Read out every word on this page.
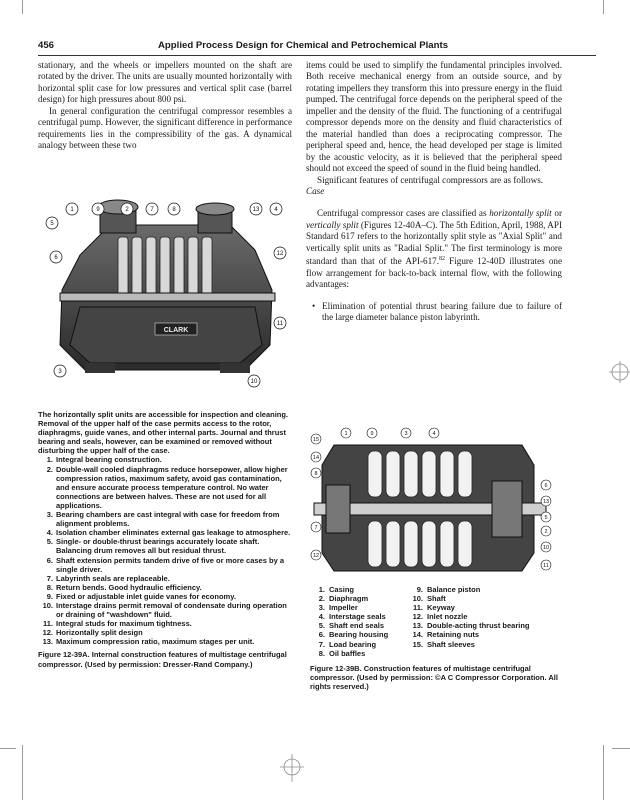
456	Applied Process Design for Chemical and Petrochemical Plants

stationary, and the wheels or impellers mounted on the shaft are rotated by the driver. The units are usually mounted horizontally with horizontal split case for low pressures and vertical split case (barrel design) for high pressures about 800 psi.

In general configuration the centrifugal compressor resembles a centrifugal pump. However, the significant difference in performance requirements lies in the compressibility of the gas. A dynamical analogy between these two

items could be used to simplify the fundamental principles involved. Both receive mechanical energy from an outside source, and by rotating impellers they transform this into pressure energy in the fluid pumped. The centrifugal force depends on the peripheral speed of the impeller and the density of the fluid. The functioning of a centrifugal compressor depends more on the density and fluid characteristics of the material handled than does a reciprocating compressor. The peripheral speed and, hence, the head developed per stage is limited by the acoustic velocity, as it is believed that the peripheral speed should not exceed the speed of sound in the fluid being handled.

Significant features of centrifugal compressors are as follows.

Case

Centrifugal compressor cases are classified as horizontally split or vertically split (Figures 12-40A–C). The 5th Edition, April, 1988, API Standard 617 refers to the horizontally split style as "Axial Split" and vertically split units as "Radial Split." The first terminology is more standard than that of the API-617.82 Figure 12-40D illustrates one flow arrangement for back-to-back internal flow, with the following advantages:

• Elimination of potential thrust bearing failure due to failure of the large diameter balance piston labyrinth.
CLARK
1	9	2	7	8	13 4
5
6
12
11
3
10

The horizontally split units are accessible for inspection and cleaning. Removal of the upper half of the case permits access to the rotor, diaphragms, guide vanes, and other internal parts. Journal and thrust bearing and seals, however, can be examined or removed without disturbing the upper half of the case.

1. Integral bearing construction.
2. Double-wall cooled diaphragms reduce horsepower, allow higher compression ratios, maximum safety, avoid gas contamination, and ensure accurate process temperature control. No water connections are between halves. These are not used for all applications.
3. Bearing chambers are cast integral with case for freedom from alignment problems.
4. Isolation chamber eliminates external gas leakage to atmosphere.
5. Single- or double-thrust bearings accurately locate shaft. Balancing drum removes all but residual thrust.
6. Shaft extension permits tandem drive of five or more cases by a single driver.
7. Labyrinth seals are replaceable.
8. Return bends. Good hydraulic efficiency.
9. Fixed or adjustable inlet guide vanes for economy.
10. Interstage drains permit removal of condensate during operation or draining of "washdown" fluid.
11. Integral studs for maximum tightness.
12. Horizontally split design
13. Maximum compression ratio, maximum stages per unit.

Figure 12-39A. Internal construction features of multistage centrifugal compressor. (Used by permission: Dresser-Rand Company.)

15
1	9	3	4
14
8
6
13
7
12
5
2
10
11
1. Casing
2. Diaphragm
3. Impeller
4. Interstage seals
5. Shaft end seals
6. Bearing housing
7. Load bearing
8. Oil baffles
9. Balance piston
10. Shaft
11. Keyway
12. Inlet nozzle
13. Double-acting thrust bearing
14. Retaining nuts
15. Shaft sleeves
Figure 12-39B. Construction features of multistage centrifugal compressor. (Used by permission: ©A C Compressor Corporation. All rights reserved.)
